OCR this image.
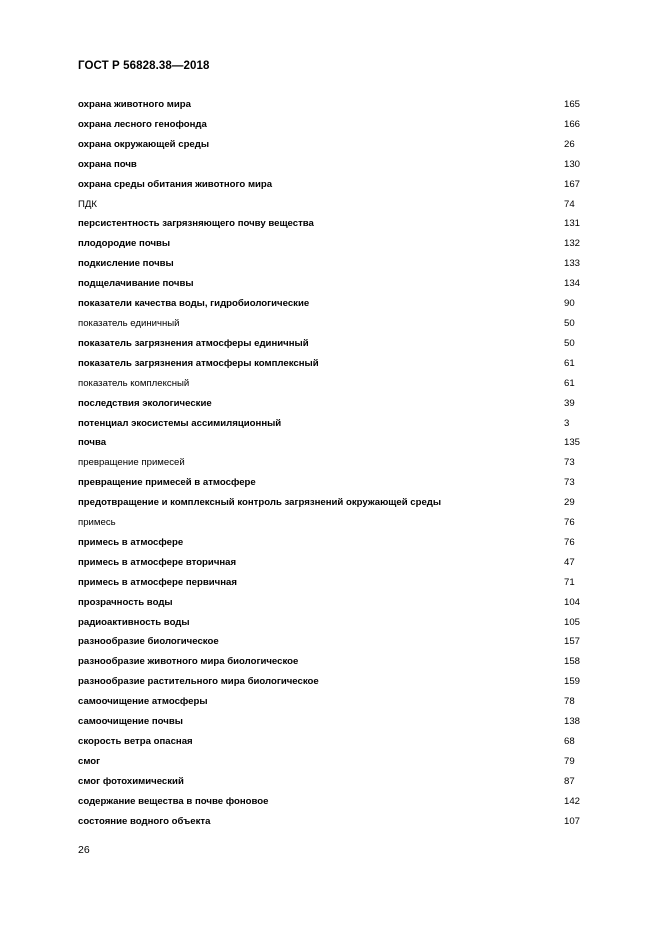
ГОСТ Р 56828.38—2018
охрана животного мира	165
охрана лесного генофонда	166
охрана окружающей среды	26
охрана почв	130
охрана среды обитания животного мира	167
ПДК	74
персистентность загрязняющего почву вещества	131
плодородие почвы	132
подкисление почвы	133
подщелачивание почвы	134
показатели качества воды, гидробиологические	90
показатель единичный	50
показатель загрязнения атмосферы единичный	50
показатель загрязнения атмосферы комплексный	61
показатель комплексный	61
последствия экологические	39
потенциал экосистемы ассимиляционный	3
почва	135
превращение примесей	73
превращение примесей в атмосфере	73
предотвращение и комплексный контроль загрязнений окружающей среды	29
примесь	76
примесь в атмосфере	76
примесь в атмосфере вторичная	47
примесь в атмосфере первичная	71
прозрачность воды	104
радиоактивность воды	105
разнообразие биологическое	157
разнообразие животного мира биологическое	158
разнообразие растительного мира биологическое	159
самоочищение атмосферы	78
самоочищение почвы	138
скорость ветра опасная	68
смог	79
смог фотохимический	87
содержание вещества в почве фоновое	142
состояние водного объекта	107
26
